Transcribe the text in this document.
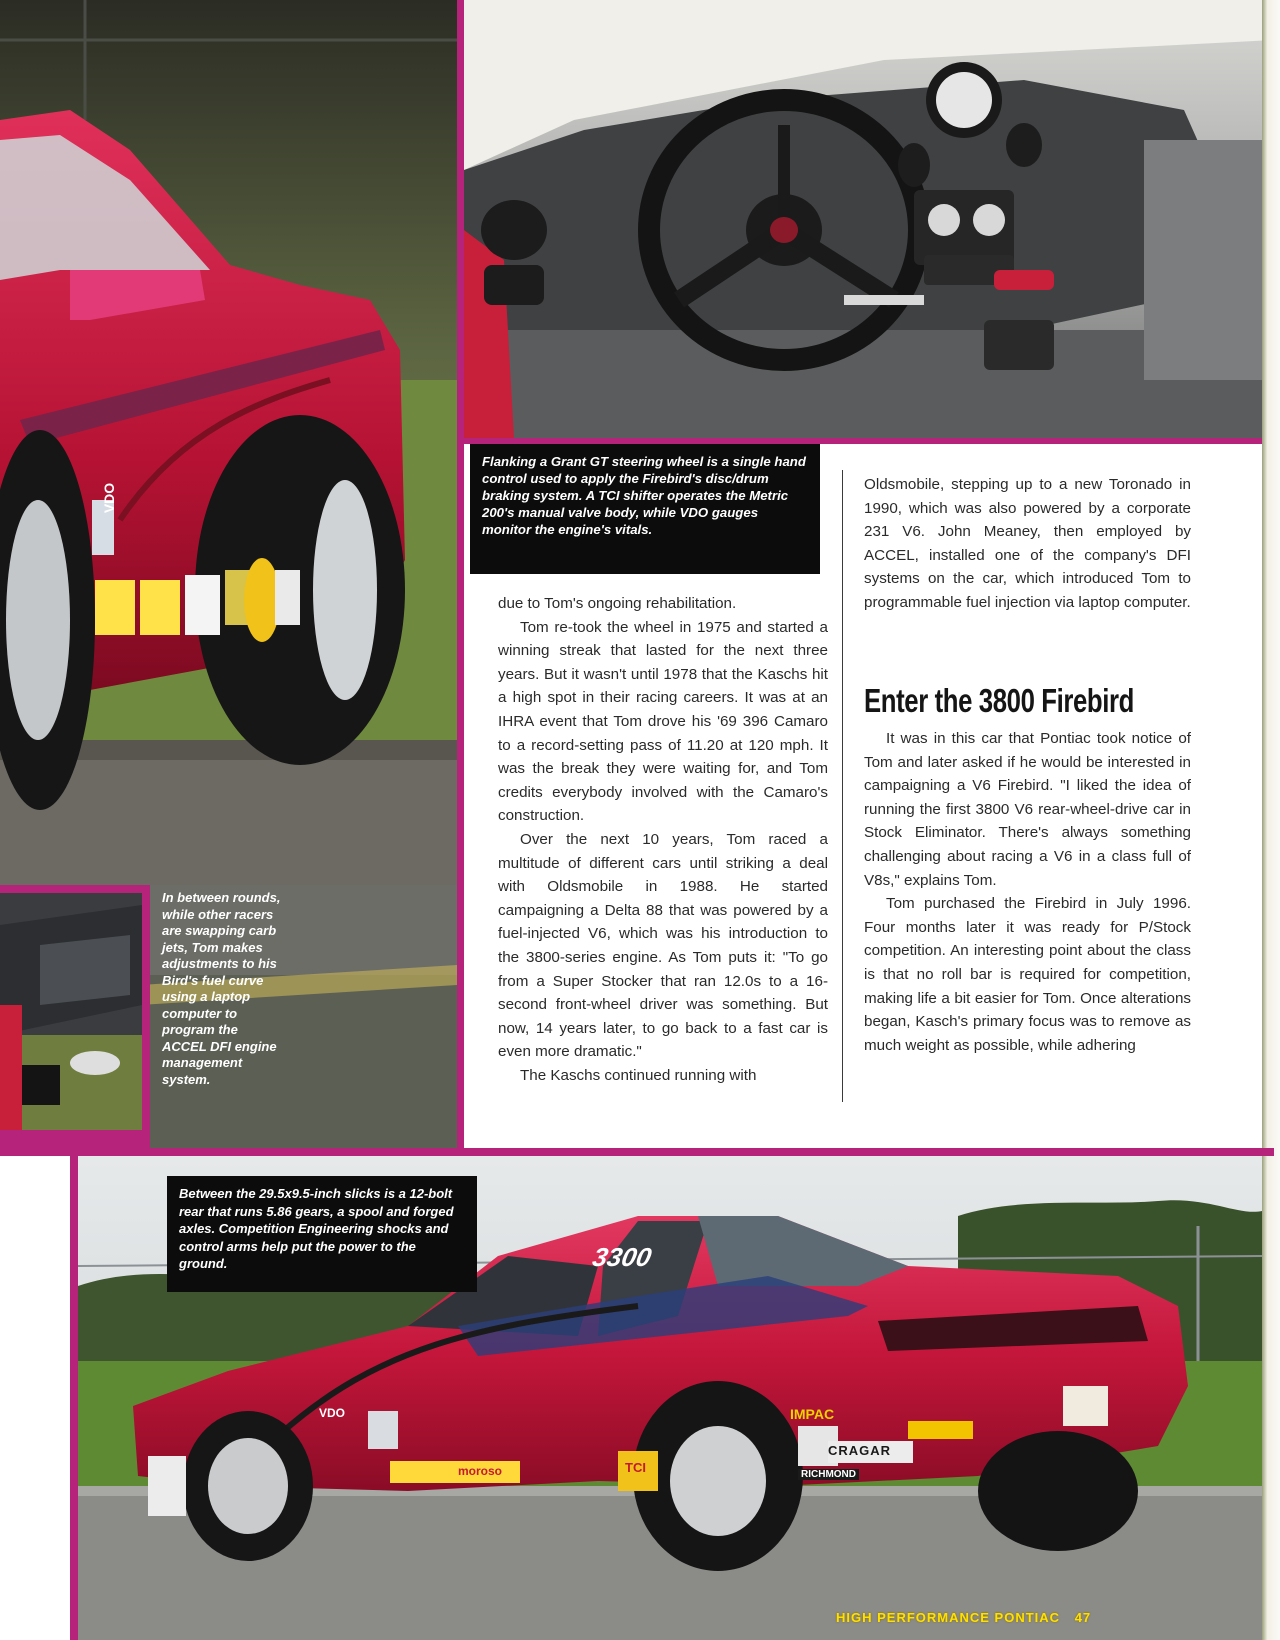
VDO
Flanking a Grant GT steering wheel is a single hand control used to apply the Firebird's disc/drum braking system. A TCI shifter operates the Metric 200's manual valve body, while VDO gauges monitor the engine's vitals.
In between rounds, while other racers are swapping carb jets, Tom makes adjustments to his Bird's fuel curve using a laptop computer to program the ACCEL DFI engine management system.

due to Tom's ongoing rehabilitation.

Tom re-took the wheel in 1975 and started a winning streak that lasted for the next three years. But it wasn't until 1978 that the Kaschs hit a high spot in their racing careers. It was at an IHRA event that Tom drove his '69 396 Camaro to a record-setting pass of 11.20 at 120 mph. It was the break they were waiting for, and Tom credits everybody involved with the Camaro's construction.

Over the next 10 years, Tom raced a multitude of different cars until striking a deal with Oldsmobile in 1988. He started campaigning a Delta 88 that was powered by a fuel-injected V6, which was his introduction to the 3800-series engine. As Tom puts it: "To go from a Super Stocker that ran 12.0s to a 16-second front-wheel driver was something. But now, 14 years later, to go back to a fast car is even more dramatic."

The Kaschs continued running with

Oldsmobile, stepping up to a new Toronado in 1990, which was also powered by a corporate 231 V6. John Meaney, then employed by ACCEL, installed one of the company's DFI systems on the car, which introduced Tom to programmable fuel injection via laptop computer.

Enter the 3800 Firebird

It was in this car that Pontiac took notice of Tom and later asked if he would be interested in campaigning a V6 Firebird. "I liked the idea of running the first 3800 V6 rear-wheel-drive car in Stock Eliminator. There's always something challenging about racing a V6 in a class full of V8s," explains Tom.

Tom purchased the Firebird in July 1996. Four months later it was ready for P/Stock competition. An interesting point about the class is that no roll bar is required for competition, making life a bit easier for Tom. Once alterations began, Kasch's primary focus was to remove as much weight as possible, while adhering

3300
CRAGAR
RICHMOND
IMPAC
VDO
TCI
moroso
Between the 29.5x9.5-inch slicks is a 12-bolt rear that runs 5.86 gears, a spool and forged axles. Competition Engineering shocks and control arms help put the power to the ground.
HIGH PERFORMANCE PONTIAC 47
